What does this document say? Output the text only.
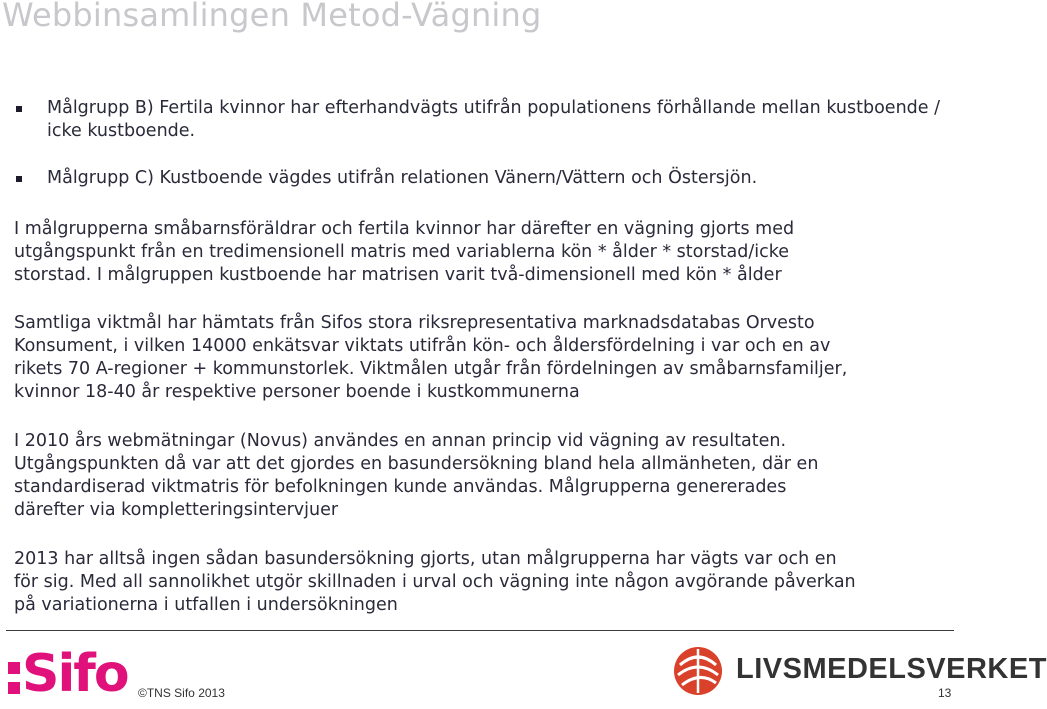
Webbinsamlingen Metod-Vägning
Målgrupp B) Fertila kvinnor har efterhandvägts utifrån populationens förhållande mellan kustboende / icke kustboende.
Målgrupp C) Kustboende vägdes utifrån relationen Vänern/Vättern och Östersjön.
I målgrupperna småbarnsföräldrar och fertila kvinnor har därefter en vägning gjorts med
utgångspunkt från en tredimensionell matris med variablerna kön * ålder * storstad/icke
storstad. I målgruppen kustboende har matrisen varit två-dimensionell med kön * ålder
Samtliga viktmål har hämtats från Sifos stora riksrepresentativa marknadsdatabas Orvesto
Konsument, i vilken 14000 enkätsvar viktats utifrån kön- och åldersfördelning i var och en av
rikets 70 A-regioner + kommunstorlek. Viktmålen utgår från fördelningen av småbarnsfamiljer,
kvinnor 18-40 år respektive personer boende i kustkommunerna
I 2010 års webmätningar (Novus) användes en annan princip vid vägning av resultaten.
Utgångspunkten då var att det gjordes en basundersökning bland hela allmänheten, där en
standardiserad viktmatris för befolkningen kunde användas. Målgrupperna genererades
därefter via kompletteringsintervjuer
2013 har alltså ingen sådan basundersökning gjorts, utan målgrupperna har vägts var och en
för sig. Med all sannolikhet utgör skillnaden i urval och vägning inte någon avgörande påverkan
på variationerna i utfallen i undersökningen
Sifo ©TNS Sifo 2013
LIVSMEDELSVERKET
13
